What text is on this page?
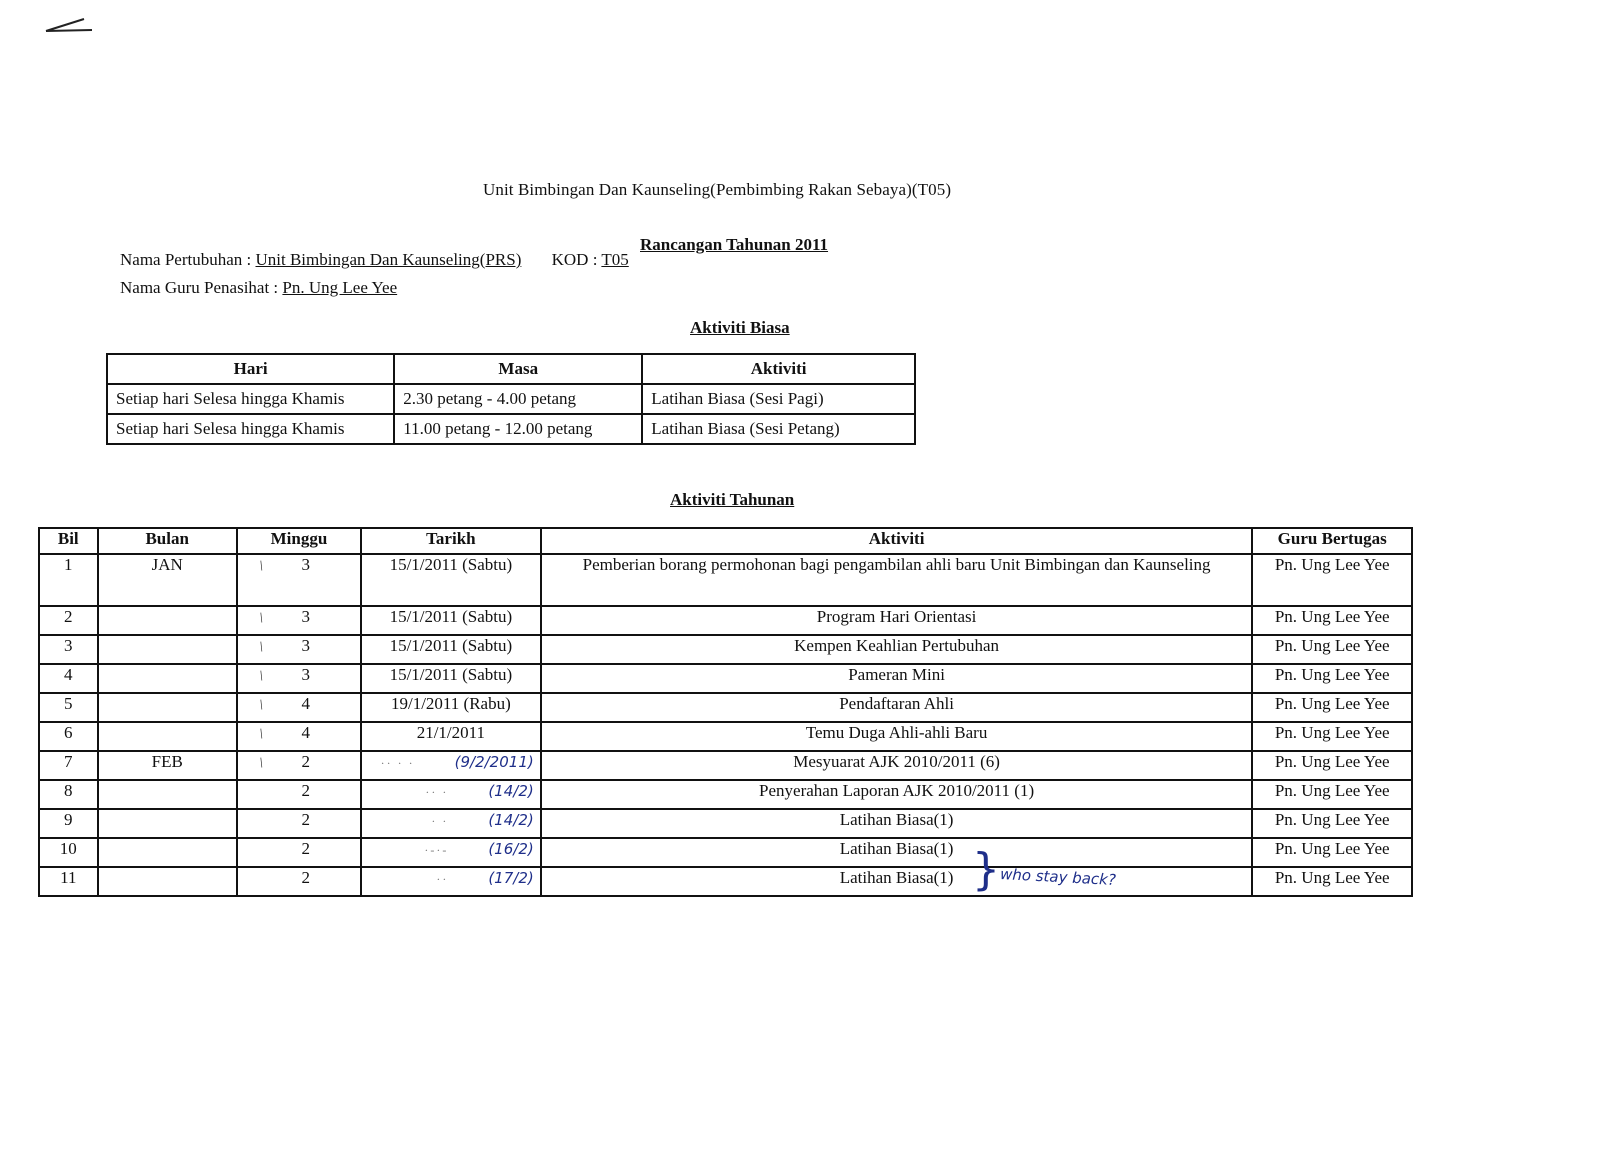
Unit Bimbingan Dan Kaunseling(Pembimbing Rakan Sebaya)(T05)
Rancangan Tahunan 2011
Nama Pertubuhan : Unit Bimbingan Dan Kaunseling(PRS) KOD : T05
Nama Guru Penasihat : Pn. Ung Lee Yee
Aktiviti Biasa
Hari	Masa	Aktiviti
Setiap hari Selesa hingga Khamis	2.30 petang - 4.00 petang	Latihan Biasa (Sesi Pagi)
Setiap hari Selesa hingga Khamis	11.00 petang - 12.00 petang	Latihan Biasa (Sesi Petang)
Aktiviti Tahunan
Bil	Bulan	Minggu	Tarikh	Aktiviti	Guru Bertugas
1	JAN	/ 3	15/1/2011 (Sabtu)	Pemberian borang permohonan bagi pengambilan ahli baru Unit Bimbingan dan Kaunseling	Pn. Ung Lee Yee
2		/ 3	15/1/2011 (Sabtu)	Program Hari Orientasi	Pn. Ung Lee Yee
3		/ 3	15/1/2011 (Sabtu)	Kempen Keahlian Pertubuhan	Pn. Ung Lee Yee
4		/ 3	15/1/2011 (Sabtu)	Pameran Mini	Pn. Ung Lee Yee
5		/ 4	19/1/2011 (Rabu)	Pendaftaran Ahli	Pn. Ung Lee Yee
6		/ 4	21/1/2011	Temu Duga Ahli-ahli Baru	Pn. Ung Lee Yee
7	FEB	/ 2	·· · · (9/2/2011)	Mesyuarat AJK 2010/2011 (6)	Pn. Ung Lee Yee
8		2	·· · (14/2)	Penyerahan Laporan AJK 2010/2011 (1)	Pn. Ung Lee Yee
9		2	· · (14/2)	Latihan Biasa(1)	Pn. Ung Lee Yee
10		2	·-·- (16/2)	Latihan Biasa(1)	Pn. Ung Lee Yee
11		2	·· (17/2)	Latihan Biasa(1)	Pn. Ung Lee Yee
} who stay back?
